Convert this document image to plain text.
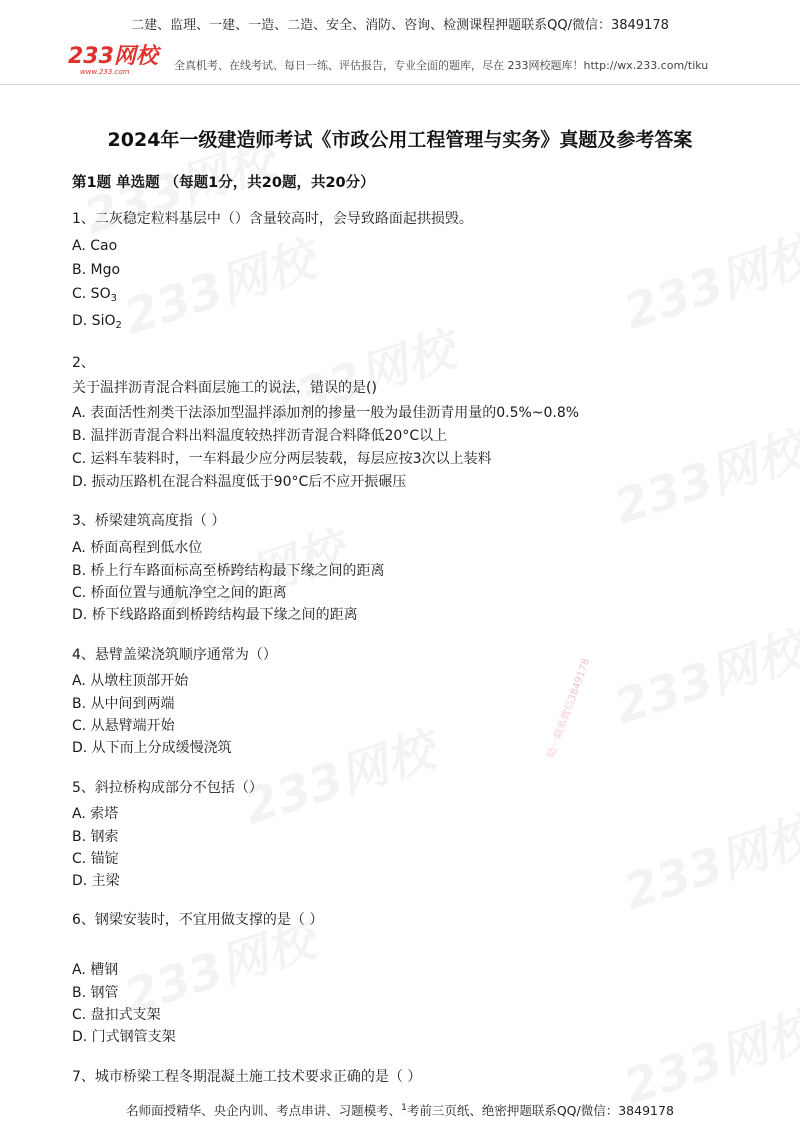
哈一联系微信3849178
二建、监理、一建、一造、二造、安全、消防、咨询、检测课程押题联系QQ/微信：3849178
233网校
www.233.com	全真机考、在线考试、每日一练、评估报告，专业全面的题库，尽在 233网校题库！http://wx.233.com/tiku
2024年一级建造师考试《市政公用工程管理与实务》真题及参考答案
第1题 单选题 （每题1分，共20题，共20分）
1、二灰稳定粒料基层中（）含量较高时，会导致路面起拱损毁。
A. Cao
B. Mgo
C. $SO_3$
D. SiO$_2$
2、
关于温拌沥青混合料面层施工的说法，错误的是()
A. 表面活性剂类干法添加型温拌添加剂的掺量一般为最佳沥青用量的0.5%~0.8%
B. 温拌沥青混合料出料温度较热拌沥青混合料降低20°C以上
C. 运料车装料时，一车料最少应分两层装载，每层应按3次以上装料
D. 振动压路机在混合料温度低于90°C后不应开振碾压
3、桥梁建筑高度指（ ）
A. 桥面高程到低水位
B. 桥上行车路面标高至桥跨结构最下缘之间的距离
C. 桥面位置与通航净空之间的距离
D. 桥下线路路面到桥跨结构最下缘之间的距离
4、悬臂盖梁浇筑顺序通常为（）
A. 从墩柱顶部开始
B. 从中间到两端
C. 从悬臂端开始
D. 从下而上分成缓慢浇筑
5、斜拉桥构成部分不包括（）
A. 索塔
B. 钢索
C. 锚锭
D. 主梁
6、钢梁安装时，不宜用做支撑的是（ ）
A. 槽钢
B. 钢管
C. 盘扣式支架
D. 门式钢管支架
7、城市桥梁工程冬期混凝土施工技术要求正确的是（ ）
名师面授精华、央企内训、考点串讲、习题模考、$^1$考前三页纸、绝密押题联系QQ/微信：3849178
